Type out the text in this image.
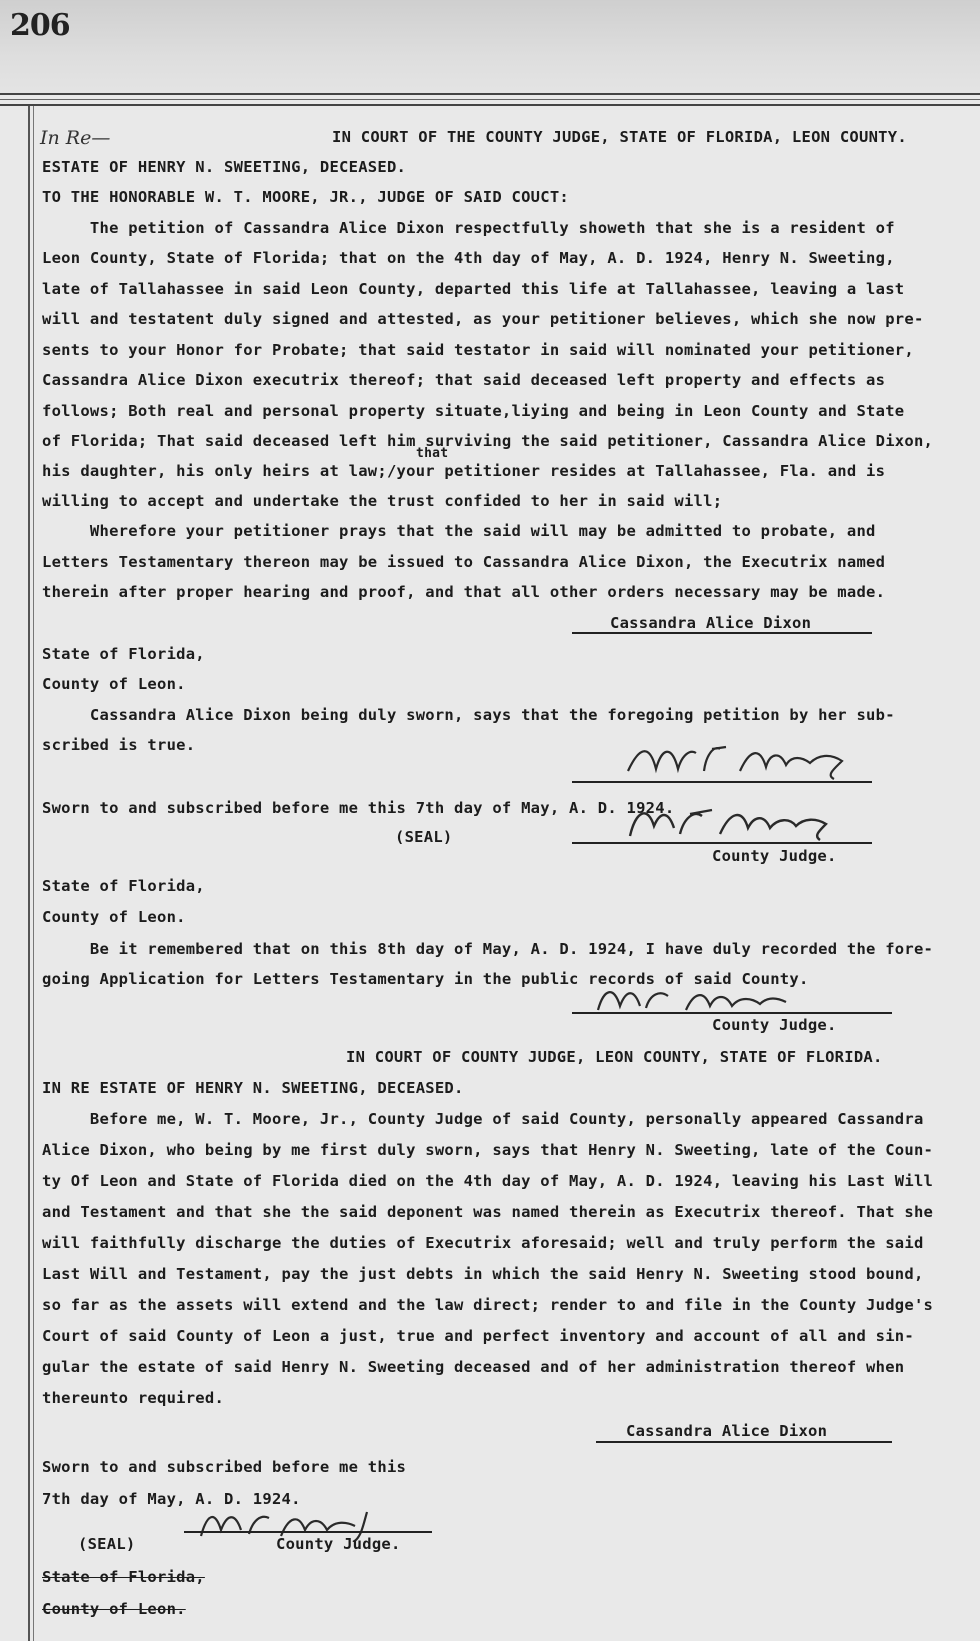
206
In Re—	IN COURT OF THE COUNTY JUDGE, STATE OF FLORIDA, LEON COUNTY.
ESTATE OF HENRY N. SWEETING, DECEASED.
TO THE HONORABLE W. T. MOORE, JR., JUDGE OF SAID COUCT:
The petition of Cassandra Alice Dixon respectfully showeth that she is a resident of
Leon County, State of Florida; that on the 4th day of May, A. D. 1924, Henry N. Sweeting,
late of Tallahassee in said Leon County, departed this life at Tallahassee, leaving a last
will and testatent duly signed and attested, as your petitioner believes, which she now pre-
sents to your Honor for Probate; that said testator in said will nominated your petitioner,
Cassandra Alice Dixon executrix thereof; that said deceased left property and effects as
follows; Both real and personal property situate,liying and being in Leon County and State
of Florida; That said deceased left him surviving the said petitioner, Cassandra Alice Dixon,
that
his daughter, his only heirs at law;/your petitioner resides at Tallahassee, Fla. and is
willing to accept and undertake the trust confided to her in said will;
Wherefore your petitioner prays that the said will may be admitted to probate, and
Letters Testamentary thereon may be issued to Cassandra Alice Dixon, the Executrix named
therein after proper hearing and proof, and that all other orders necessary may be made.
Cassandra Alice Dixon
State of Florida,
County of Leon.
Cassandra Alice Dixon being duly sworn, says that the foregoing petition by her sub-
scribed is true.
Sworn to and subscribed before me this 7th day of May, A. D. 1924.
(SEAL)
County Judge.
State of Florida,
County of Leon.
Be it remembered that on this 8th day of May, A. D. 1924, I have duly recorded the fore-
going Application for Letters Testamentary in the public records of said County.
County Judge.
IN COURT OF COUNTY JUDGE, LEON COUNTY, STATE OF FLORIDA.
IN RE ESTATE OF HENRY N. SWEETING, DECEASED.
Before me, W. T. Moore, Jr., County Judge of said County, personally appeared Cassandra
Alice Dixon, who being by me first duly sworn, says that Henry N. Sweeting, late of the Coun-
ty Of Leon and State of Florida died on the 4th day of May, A. D. 1924, leaving his Last Will
and Testament and that she the said deponent was named therein as Executrix thereof. That she
will faithfully discharge the duties of Executrix aforesaid; well and truly perform the said
Last Will and Testament, pay the just debts in which the said Henry N. Sweeting stood bound,
so far as the assets will extend and the law direct; render to and file in the County Judge's
Court of said County of Leon a just, true and perfect inventory and account of all and sin-
gular the estate of said Henry N. Sweeting deceased and of her administration thereof when
thereunto required.
Cassandra Alice Dixon
Sworn to and subscribed before me this
7th day of May, A. D. 1924.
(SEAL)	County Judge.
State of Florida,
County of Leon.
